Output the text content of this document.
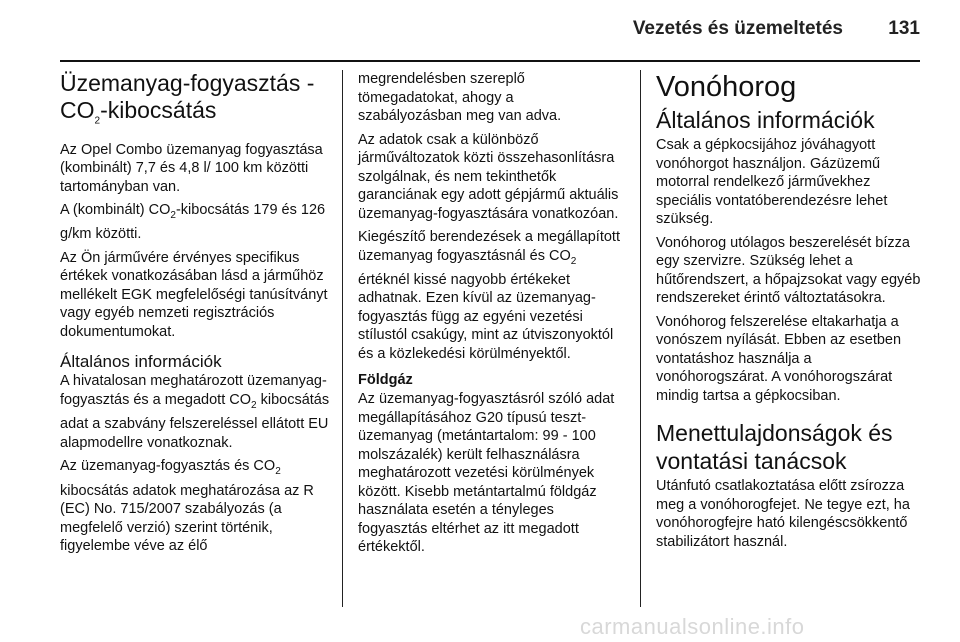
Vezetés és üzemeltetés 131
Üzemanyag-fogyasztás -
$CO_2$-kibocsátás

Az Opel Combo üzemanyag fogyasztása (kombinált) 7,7 és 4,8 l/ 100 km közötti tartományban van.

A (kombinált) $CO_2$-kibocsátás 179 és 126 g/km közötti.

Az Ön járművére érvényes specifikus értékek vonatkozásában lásd a járműhöz mellékelt EGK megfelelőségi tanúsítványt vagy egyéb nemzeti regisztrációs dokumentumokat.

Általános információk

A hivatalosan meghatározott üzemanyag-fogyasztás és a megadott $CO_2$ kibocsátás adat a szabvány felszereléssel ellátott EU alapmodellre vonatkoznak.

Az üzemanyag-fogyasztás és $CO_2$ kibocsátás adatok meghatározása az R (EC) No. 715/2007 szabályozás (a megfelelő verzió) szerint történik, figyelembe véve az élő

megrendelésben szereplő tömegadatokat, ahogy a szabályozásban meg van adva.

Az adatok csak a különböző járműváltozatok közti összehasonlításra szolgálnak, és nem tekinthetők garanciának egy adott gépjármű aktuális üzemanyag-fogyasztására vonatkozóan.

Kiegészítő berendezések a megállapított üzemanyag fogyasztásnál és $CO_2$ értéknél kissé nagyobb értékeket adhatnak. Ezen kívül az üzemanyag-fogyasztás függ az egyéni vezetési stílustól csakúgy, mint az útviszonyoktól és a közlekedési körülményektől.

Földgáz

Az üzemanyag-fogyasztásról szóló adat megállapításához G20 típusú teszt-üzemanyag (metántartalom: 99 - 100 molszázalék) került felhasználásra meghatározott vezetési körülmények között. Kisebb metántartalmú földgáz használata esetén a tényleges fogyasztás eltérhet az itt megadott értékektől.

Vonóhorog
Általános információk

Csak a gépkocsijához jóváhagyott vonóhorgot használjon. Gázüzemű motorral rendelkező járművekhez speciális vontatóberendezésre lehet szükség.

Vonóhorog utólagos beszerelését bízza egy szervizre. Szükség lehet a hűtőrendszert, a hőpajzsokat vagy egyéb rendszereket érintő változtatásokra.

Vonóhorog felszerelése eltakarhatja a vonószem nyílását. Ebben az esetben vontatáshoz használja a vonóhorogszárat. A vonóhorogszárat mindig tartsa a gépkocsiban.

Menettulajdonságok és vontatási tanácsok

Utánfutó csatlakoztatása előtt zsírozza meg a vonóhorogfejet. Ne tegye ezt, ha vonóhorogfejre ható kilengéscsökkentő stabilizátort használ.

carmanualsonline.info
